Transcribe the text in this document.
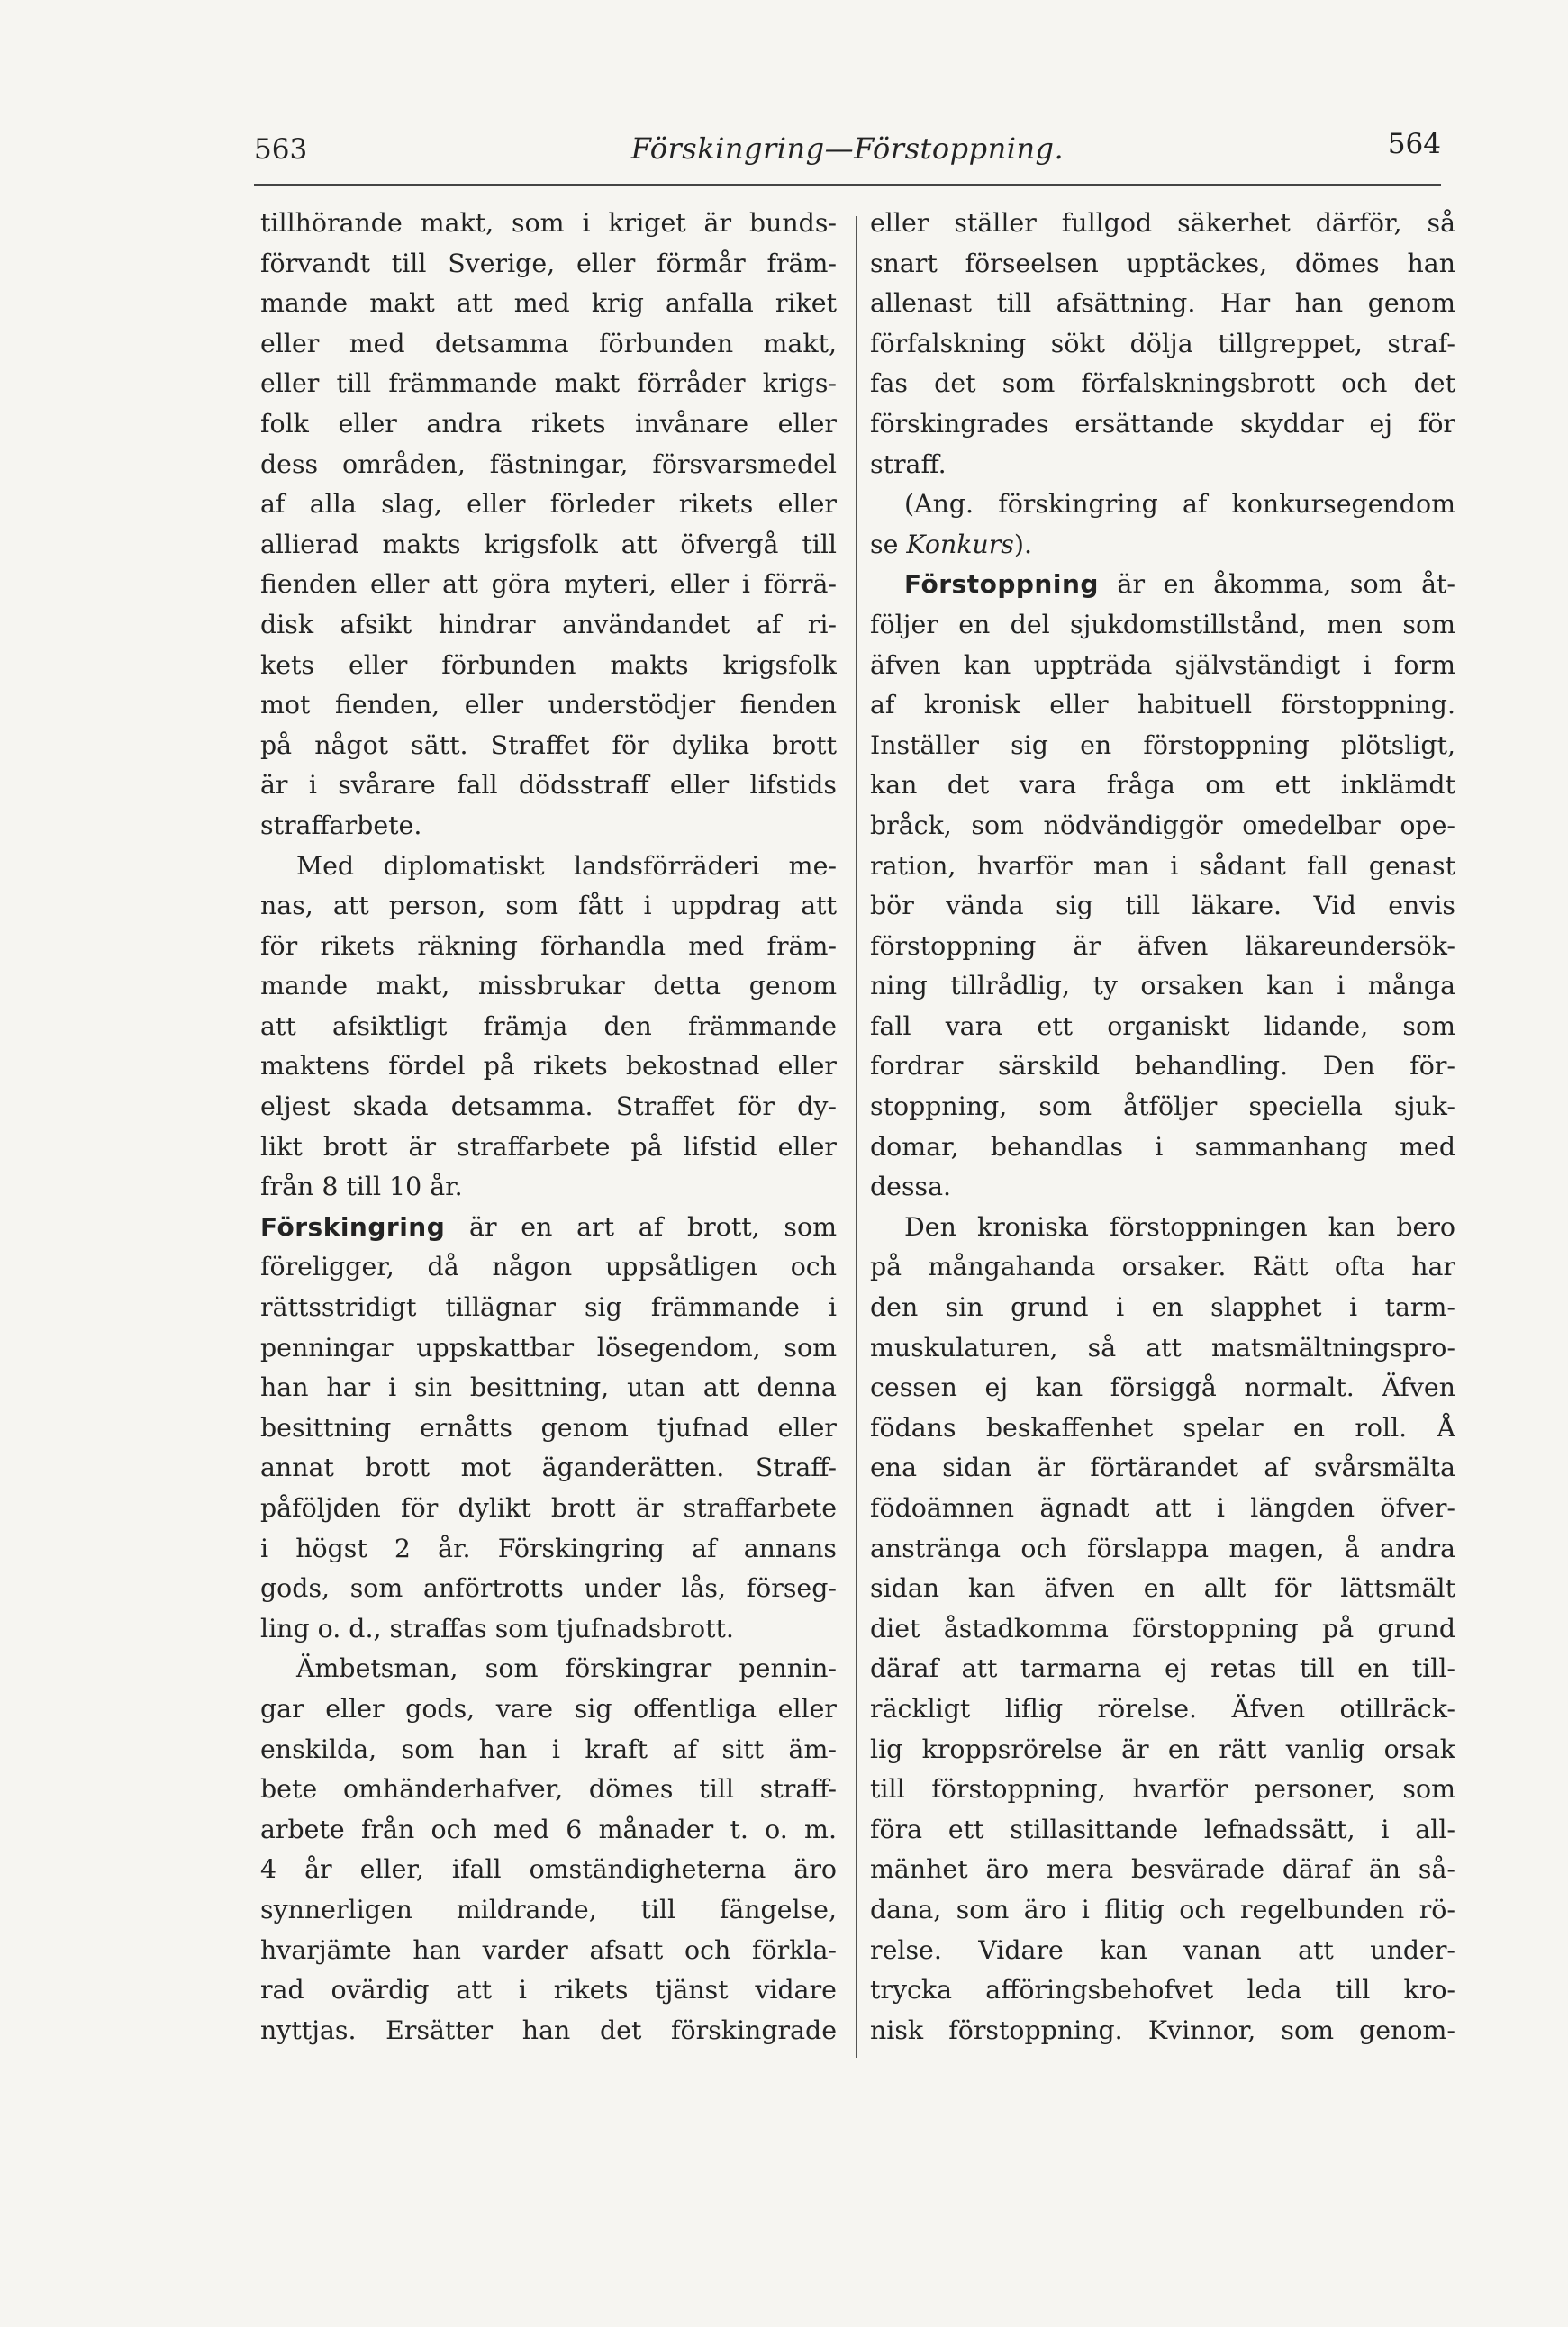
563	Förskingring—Förstoppning.	564
tillhörande makt, som i kriget är bunds-
förvandt till Sverige, eller förmår främ-
mande makt att med krig anfalla riket
eller med detsamma förbunden makt,
eller till främmande makt förråder krigs-
folk eller andra rikets invånare eller
dess områden, fästningar, försvarsmedel
af alla slag, eller förleder rikets eller
allierad makts krigsfolk att öfvergå till
fienden eller att göra myteri, eller i förrä-
disk afsikt hindrar användandet af ri-
kets eller förbunden makts krigsfolk
mot fienden, eller understödjer fienden
på något sätt. Straffet för dylika brott
är i svårare fall dödsstraff eller lifstids
straffarbete.
Med diplomatiskt landsförräderi me-
nas, att person, som fått i uppdrag att
för rikets räkning förhandla med främ-
mande makt, missbrukar detta genom
att afsiktligt främja den främmande
maktens fördel på rikets bekostnad eller
eljest skada detsamma. Straffet för dy-
likt brott är straffarbete på lifstid eller
från 8 till 10 år.
Förskingring är en art af brott, som
föreligger, då någon uppsåtligen och
rättsstridigt tillägnar sig främmande i
penningar uppskattbar lösegendom, som
han har i sin besittning, utan att denna
besittning ernåtts genom tjufnad eller
annat brott mot äganderätten. Straff-
påföljden för dylikt brott är straffarbete
i högst 2 år. Förskingring af annans
gods, som anförtrotts under lås, förseg-
ling o. d., straffas som tjufnadsbrott.
Ämbetsman, som förskingrar pennin-
gar eller gods, vare sig offentliga eller
enskilda, som han i kraft af sitt äm-
bete omhänderhafver, dömes till straff-
arbete från och med 6 månader t. o. m.
4 år eller, ifall omständigheterna äro
synnerligen mildrande, till fängelse,
hvarjämte han varder afsatt och förkla-
rad ovärdig att i rikets tjänst vidare
nyttjas. Ersätter han det förskingrade
eller ställer fullgod säkerhet därför, så
snart förseelsen upptäckes, dömes han
allenast till afsättning. Har han genom
förfalskning sökt dölja tillgreppet, straf-
fas det som förfalskningsbrott och det
förskingrades ersättande skyddar ej för
straff.
(Ang. förskingring af konkursegendom
se Konkurs).
Förstoppning är en åkomma, som åt-
följer en del sjukdomstillstånd, men som
äfven kan uppträda självständigt i form
af kronisk eller habituell förstoppning.
Inställer sig en förstoppning plötsligt,
kan det vara fråga om ett inklämdt
bråck, som nödvändiggör omedelbar ope-
ration, hvarför man i sådant fall genast
bör vända sig till läkare. Vid envis
förstoppning är äfven läkareundersök-
ning tillrådlig, ty orsaken kan i många
fall vara ett organiskt lidande, som
fordrar särskild behandling. Den för-
stoppning, som åtföljer speciella sjuk-
domar, behandlas i sammanhang med
dessa.
Den kroniska förstoppningen kan bero
på mångahanda orsaker. Rätt ofta har
den sin grund i en slapphet i tarm-
muskulaturen, så att matsmältningspro-
cessen ej kan försiggå normalt. Äfven
födans beskaffenhet spelar en roll. Å
ena sidan är förtärandet af svårsmälta
födoämnen ägnadt att i längden öfver-
anstränga och förslappa magen, å andra
sidan kan äfven en allt för lättsmält
diet åstadkomma förstoppning på grund
däraf att tarmarna ej retas till en till-
räckligt liflig rörelse. Äfven otillräck-
lig kroppsrörelse är en rätt vanlig orsak
till förstoppning, hvarför personer, som
föra ett stillasittande lefnadssätt, i all-
mänhet äro mera besvärade däraf än så-
dana, som äro i flitig och regelbunden rö-
relse. Vidare kan vanan att under-
trycka afföringsbehofvet leda till kro-
nisk förstoppning. Kvinnor, som genom-
